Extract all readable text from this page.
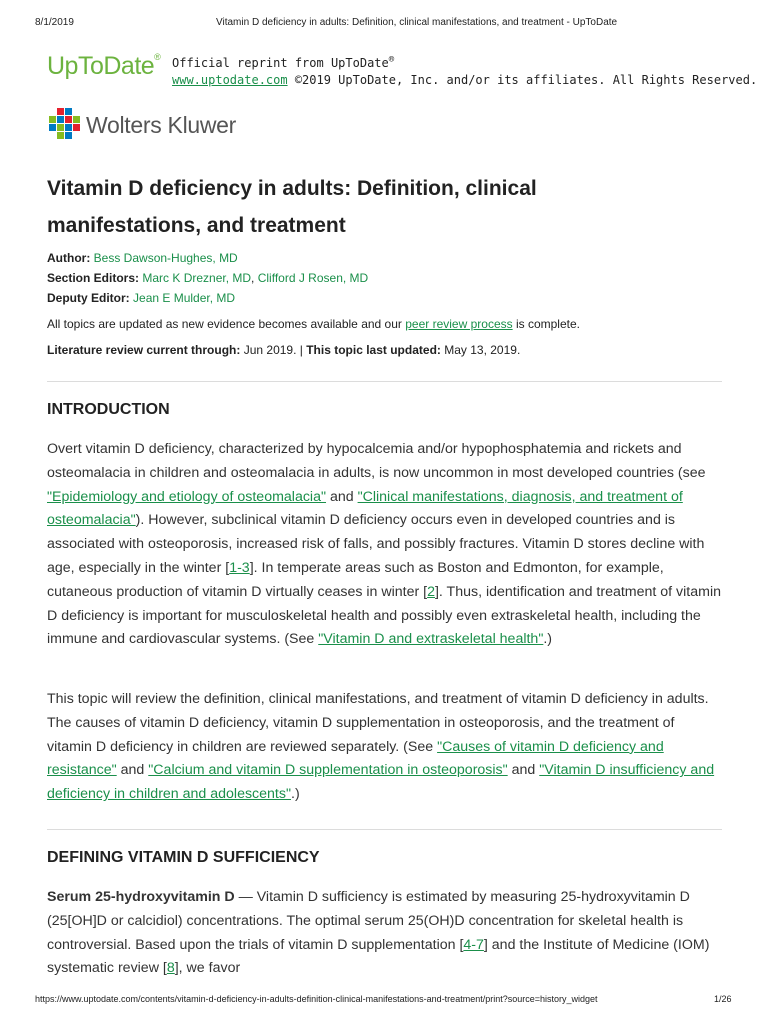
8/1/2019	Vitamin D deficiency in adults: Definition, clinical manifestations, and treatment - UpToDate
UpToDate® Official reprint from UpToDate®
www.uptodate.com ©2019 UpToDate, Inc. and/or its affiliates. All Rights Reserved.
Wolters Kluwer
Vitamin D deficiency in adults: Definition, clinical manifestations, and treatment
Author: Bess Dawson-Hughes, MD
Section Editors: Marc K Drezner, MD, Clifford J Rosen, MD
Deputy Editor: Jean E Mulder, MD
All topics are updated as new evidence becomes available and our peer review process is complete.
Literature review current through: Jun 2019. | This topic last updated: May 13, 2019.
INTRODUCTION
Overt vitamin D deficiency, characterized by hypocalcemia and/or hypophosphatemia and rickets and osteomalacia in children and osteomalacia in adults, is now uncommon in most developed countries (see "Epidemiology and etiology of osteomalacia" and "Clinical manifestations, diagnosis, and treatment of osteomalacia"). However, subclinical vitamin D deficiency occurs even in developed countries and is associated with osteoporosis, increased risk of falls, and possibly fractures. Vitamin D stores decline with age, especially in the winter [1-3]. In temperate areas such as Boston and Edmonton, for example, cutaneous production of vitamin D virtually ceases in winter [2]. Thus, identification and treatment of vitamin D deficiency is important for musculoskeletal health and possibly even extraskeletal health, including the immune and cardiovascular systems. (See "Vitamin D and extraskeletal health".)
This topic will review the definition, clinical manifestations, and treatment of vitamin D deficiency in adults. The causes of vitamin D deficiency, vitamin D supplementation in osteoporosis, and the treatment of vitamin D deficiency in children are reviewed separately. (See "Causes of vitamin D deficiency and resistance" and "Calcium and vitamin D supplementation in osteoporosis" and "Vitamin D insufficiency and deficiency in children and adolescents".)
DEFINING VITAMIN D SUFFICIENCY
Serum 25-hydroxyvitamin D — Vitamin D sufficiency is estimated by measuring 25-hydroxyvitamin D (25[OH]D or calcidiol) concentrations. The optimal serum 25(OH)D concentration for skeletal health is controversial. Based upon the trials of vitamin D supplementation [4-7] and the Institute of Medicine (IOM) systematic review [8], we favor
https://www.uptodate.com/contents/vitamin-d-deficiency-in-adults-definition-clinical-manifestations-and-treatment/print?source=history_widget	1/26
